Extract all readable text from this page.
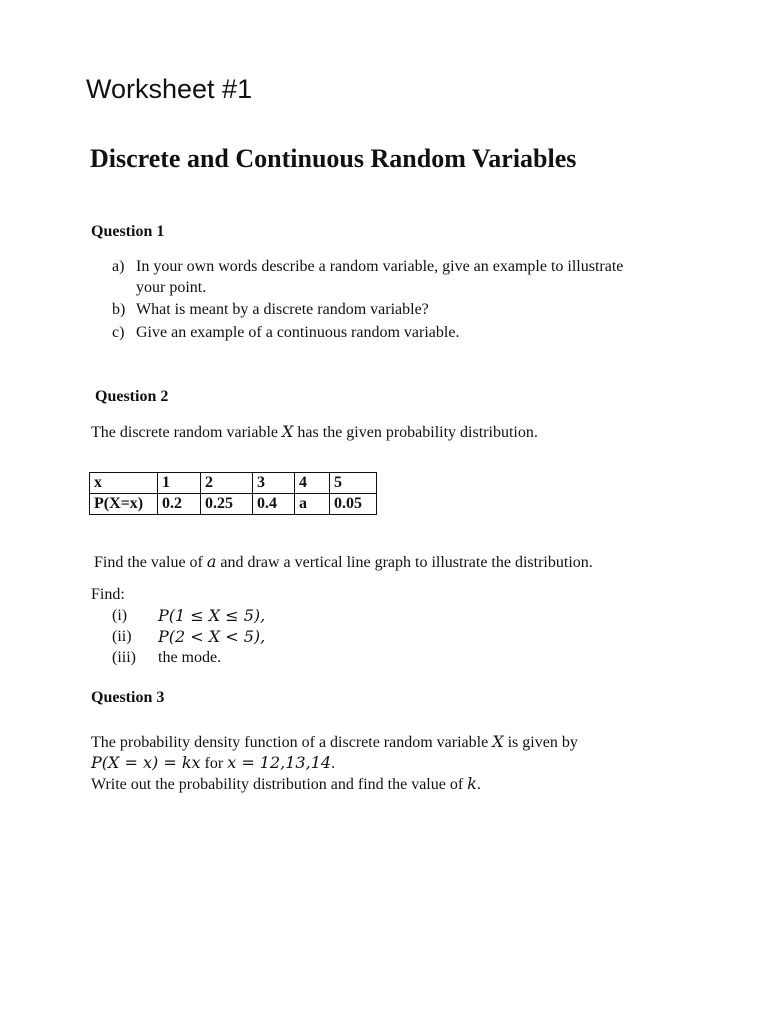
Worksheet #1
Discrete and Continuous Random Variables
Question 1
a) In your own words describe a random variable, give an example to illustrate
your point.
b) What is meant by a discrete random variable?
c) Give an example of a continuous random variable.
Question 2
The discrete random variable X has the given probability distribution.
x	1	2	3	4	5
P(X=x)	0.2	0.25	0.4	a	0.05
Find the value of a and draw a vertical line graph to illustrate the distribution.
Find:
(i)	P(1 ≤ X ≤ 5),
(ii)	P(2 < X < 5),
(iii)	the mode.
Question 3
The probability density function of a discrete random variable X is given by
P(X = x) = kx for x = 12,13,14.
Write out the probability distribution and find the value of k.
